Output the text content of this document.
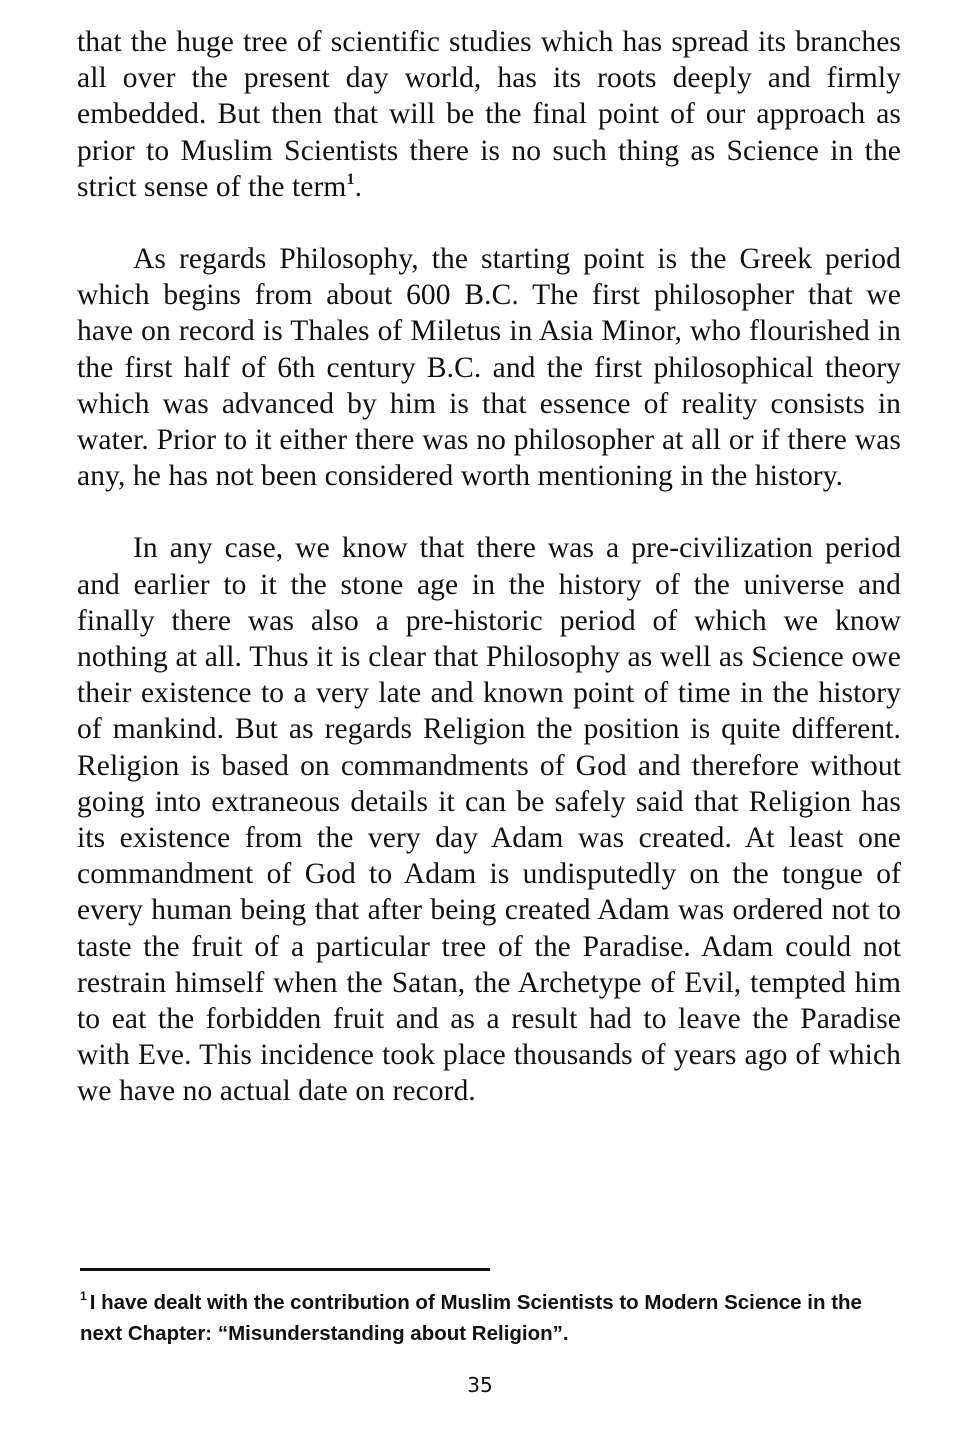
that the huge tree of scientific studies which has spread its branches all over the present day world, has its roots deeply and firmly embedded. But then that will be the final point of our approach as prior to Muslim Scientists there is no such thing as Science in the strict sense of the term$^1$.

As regards Philosophy, the starting point is the Greek period which begins from about 600 B.C. The first philosopher that we have on record is Thales of Miletus in Asia Minor, who flourished in the first half of 6th century B.C. and the first philosophical theory which was advanced by him is that essence of reality consists in water. Prior to it either there was no philosopher at all or if there was any, he has not been considered worth mentioning in the history.

In any case, we know that there was a pre-civilization period and earlier to it the stone age in the history of the universe and finally there was also a pre-historic period of which we know nothing at all. Thus it is clear that Philosophy as well as Science owe their existence to a very late and known point of time in the history of mankind. But as regards Religion the position is quite different. Religion is based on commandments of God and therefore without going into extraneous details it can be safely said that Religion has its existence from the very day Adam was created. At least one commandment of God to Adam is undisputedly on the tongue of every human being that after being created Adam was ordered not to taste the fruit of a particular tree of the Paradise. Adam could not restrain himself when the Satan, the Archetype of Evil, tempted him to eat the forbidden fruit and as a result had to leave the Paradise with Eve. This incidence took place thousands of years ago of which we have no actual date on record.

$^1$ I have dealt with the contribution of Muslim Scientists to Modern Science in the next Chapter: “Misunderstanding about Religion”.

35
